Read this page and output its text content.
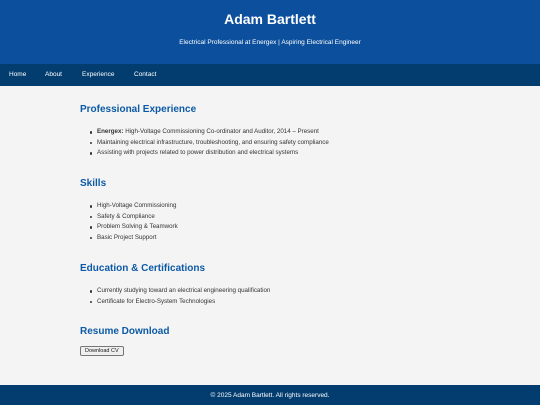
Adam Bartlett

Electrical Professional at Energex | Aspiring Electrical Engineer

Home	About	Experience	Contact
Professional Experience
Energex: High-Voltage Commissioning Co-ordinator and Auditor, 2014 – Present
Maintaining electrical infrastructure, troubleshooting, and ensuring safety compliance
Assisting with projects related to power distribution and electrical systems
Skills
High-Voltage Commissioning
Safety & Compliance
Problem Solving & Teamwork
Basic Project Support
Education & Certifications
Currently studying toward an electrical engineering qualification
Certificate for Electro-System Technologies
Resume Download
Download CV

© 2025 Adam Bartlett. All rights reserved.
